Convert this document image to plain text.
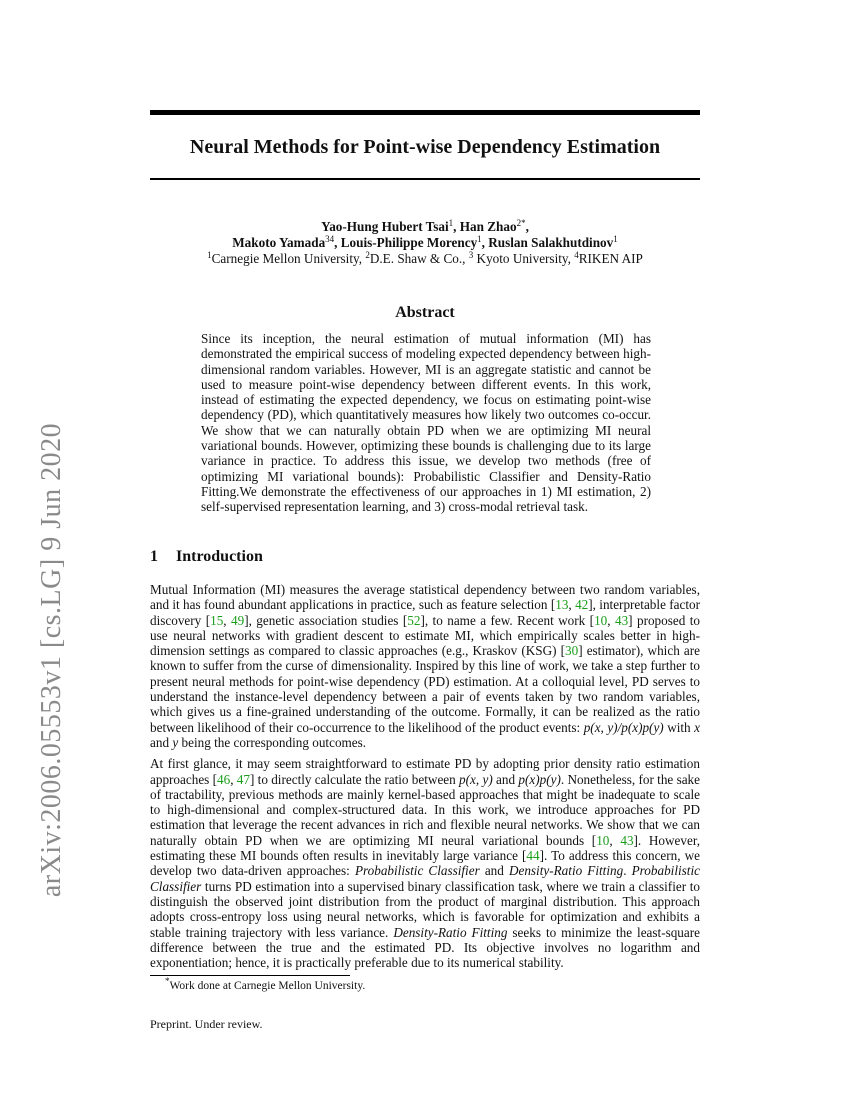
arXiv:2006.05553v1 [cs.LG] 9 Jun 2020
Neural Methods for Point-wise Dependency Estimation
Yao-Hung Hubert Tsai$^1$, Han Zhao$^{2*}$,
Makoto Yamada$^{34}$, Louis-Philippe Morency$^1$, Ruslan Salakhutdinov$^1$
$^1$Carnegie Mellon University, $^2$D.E. Shaw & Co., $^3$ Kyoto University, $^4$RIKEN AIP
Abstract
Since its inception, the neural estimation of mutual information (MI) has demonstrated the empirical success of modeling expected dependency between high-dimensional random variables. However, MI is an aggregate statistic and cannot be used to measure point-wise dependency between different events. In this work, instead of estimating the expected dependency, we focus on estimating point-wise dependency (PD), which quantitatively measures how likely two outcomes co-occur. We show that we can naturally obtain PD when we are optimizing MI neural variational bounds. However, optimizing these bounds is challenging due to its large variance in practice. To address this issue, we develop two methods (free of optimizing MI variational bounds): Probabilistic Classifier and Density-Ratio Fitting.We demonstrate the effectiveness of our approaches in 1) MI estimation, 2) self-supervised representation learning, and 3) cross-modal retrieval task.
1 Introduction

Mutual Information (MI) measures the average statistical dependency between two random variables, and it has found abundant applications in practice, such as feature selection [13, 42], interpretable factor discovery [15, 49], genetic association studies [52], to name a few. Recent work [10, 43] proposed to use neural networks with gradient descent to estimate MI, which empirically scales better in high-dimension settings as compared to classic approaches (e.g., Kraskov (KSG) [30] estimator), which are known to suffer from the curse of dimensionality. Inspired by this line of work, we take a step further to present neural methods for point-wise dependency (PD) estimation. At a colloquial level, PD serves to understand the instance-level dependency between a pair of events taken by two random variables, which gives us a fine-grained understanding of the outcome. Formally, it can be realized as the ratio between likelihood of their co-occurrence to the likelihood of the product events: p(x, y)/p(x)p(y) with x and y being the corresponding outcomes.

At first glance, it may seem straightforward to estimate PD by adopting prior density ratio estimation approaches [46, 47] to directly calculate the ratio between p(x, y) and p(x)p(y). Nonetheless, for the sake of tractability, previous methods are mainly kernel-based approaches that might be inadequate to scale to high-dimensional and complex-structured data. In this work, we introduce approaches for PD estimation that leverage the recent advances in rich and flexible neural networks. We show that we can naturally obtain PD when we are optimizing MI neural variational bounds [10, 43]. However, estimating these MI bounds often results in inevitably large variance [44]. To address this concern, we develop two data-driven approaches: Probabilistic Classifier and Density-Ratio Fitting. Probabilistic Classifier turns PD estimation into a supervised binary classification task, where we train a classifier to distinguish the observed joint distribution from the product of marginal distribution. This approach adopts cross-entropy loss using neural networks, which is favorable for optimization and exhibits a stable training trajectory with less variance. Density-Ratio Fitting seeks to minimize the least-square difference between the true and the estimated PD. Its objective involves no logarithm and exponentiation; hence, it is practically preferable due to its numerical stability.

*Work done at Carnegie Mellon University.
Preprint. Under review.
